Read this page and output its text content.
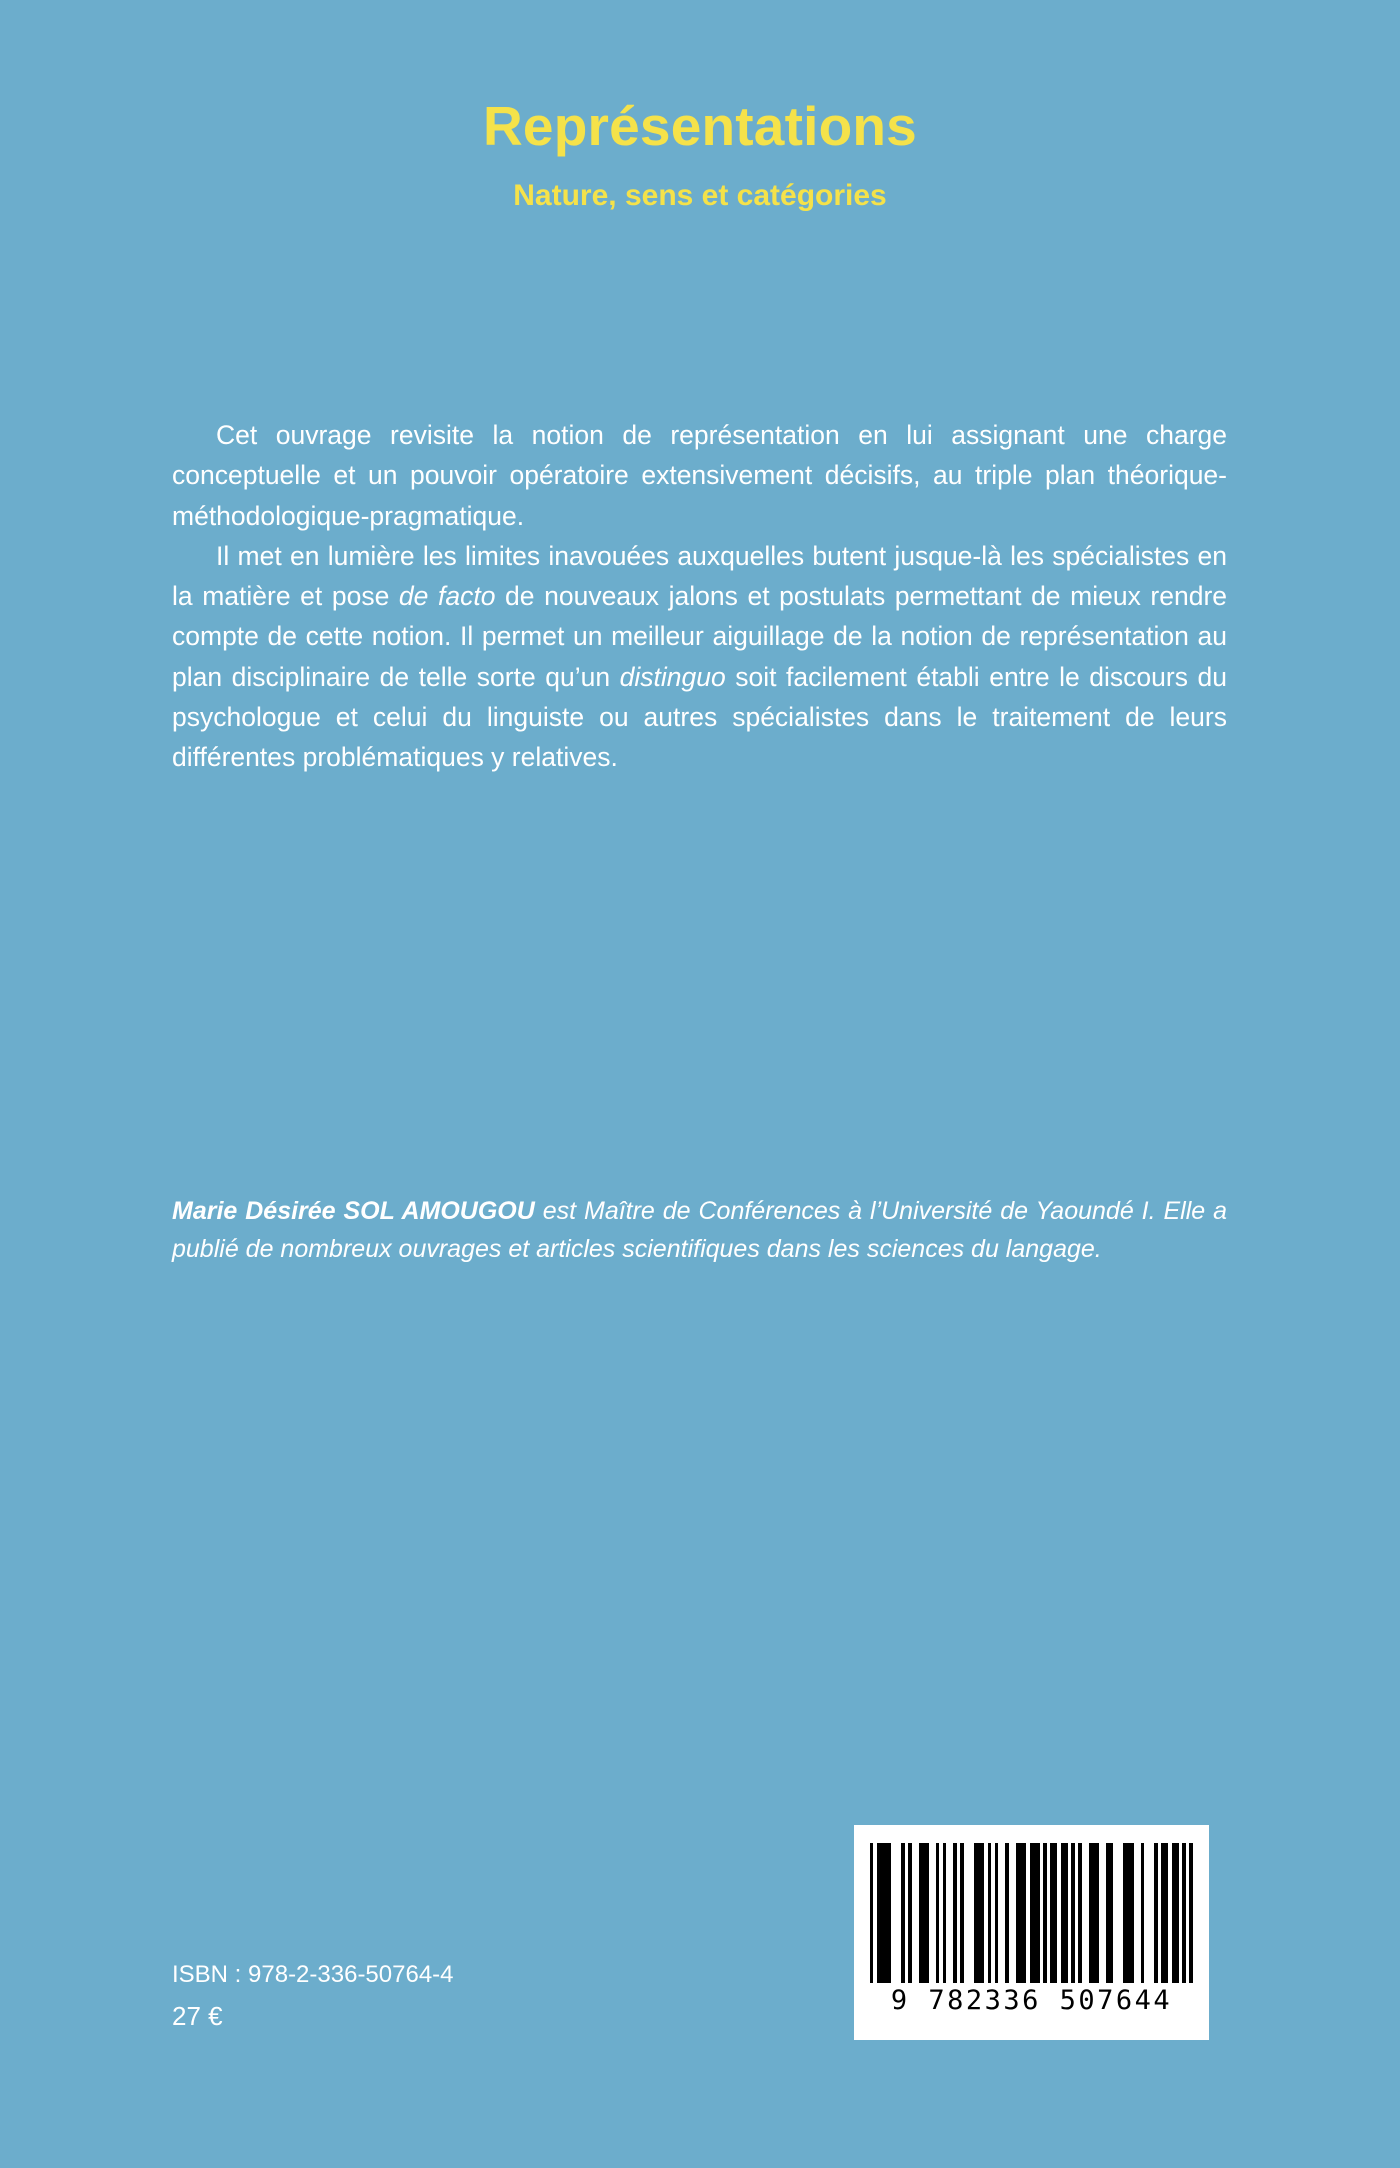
Représentations
Nature, sens et catégories

Cet ouvrage revisite la notion de représentation en lui assignant une charge conceptuelle et un pouvoir opératoire extensivement décisifs, au triple plan théorique-méthodologique-pragmatique.

Il met en lumière les limites inavouées auxquelles butent jusque-là les spécialistes en la matière et pose de facto de nouveaux jalons et postulats permettant de mieux rendre compte de cette notion. Il permet un meilleur aiguillage de la notion de représentation au plan disciplinaire de telle sorte qu’un distinguo soit facilement établi entre le discours du psychologue et celui du linguiste ou autres spécialistes dans le traitement de leurs différentes problématiques y relatives.

Marie Désirée SOL AMOUGOU est Maître de Conférences à l’Université de Yaoundé I. Elle a publié de nombreux ouvrages et articles scientifiques dans les sciences du langage.
ISBN : 978-2-336-50764-4
27 €	9 782336 507644
